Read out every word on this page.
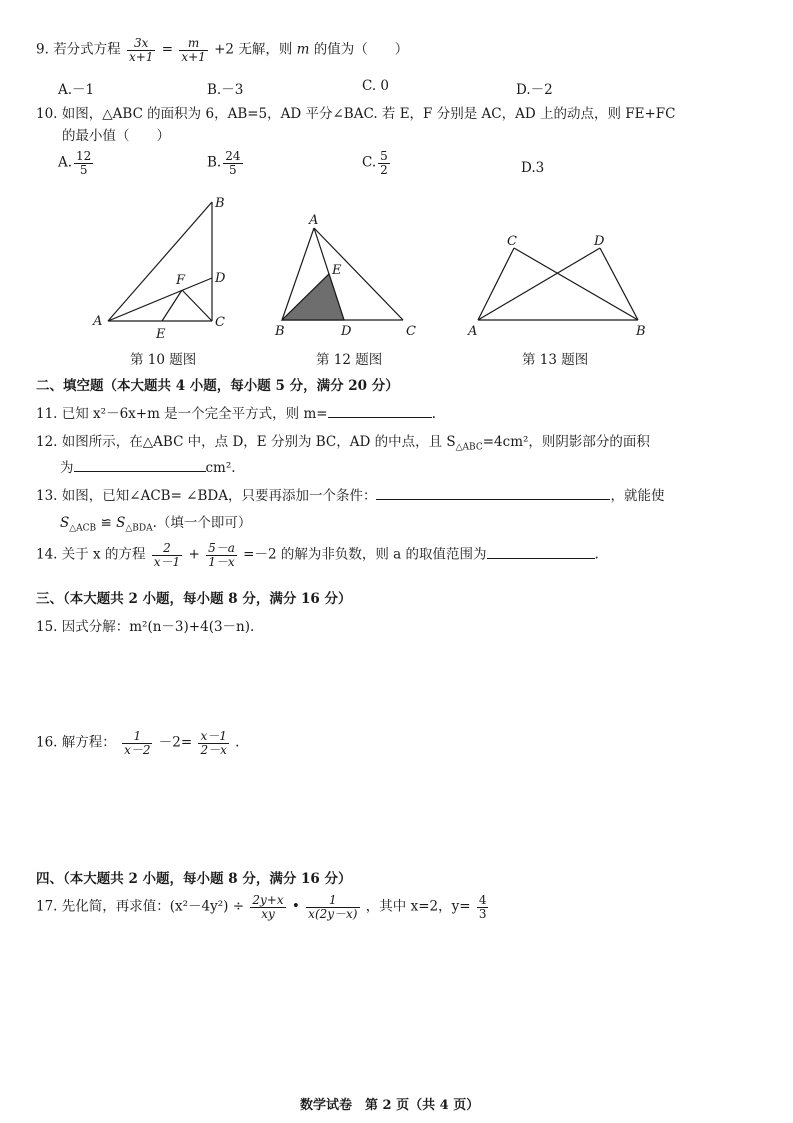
9. 若分式方程 $\frac{3x}{x+1} = \frac{m}{x+1} +2$ 无解，则 m 的值为（　　）
A.－1	B.－3	C. 0	D.－2
10. 如图，△ABC 的面积为 6，AB=5，AD 平分∠BAC. 若 E，F 分别是 AC，AD 上的动点，则 FE+FC
的最小值（　　）
A. $\frac{12}{5}$	B. $\frac{24}{5}$	C. $\frac{5}{2}$	D.3
A
B
C
D
E
F
A
B	C
D
E
A	B
C	D
第 10 题图	第 12 题图	第 13 题图
二、填空题（本大题共 4 小题，每小题 5 分，满分 20 分）
11. 已知 x²－6x+m 是一个完全平方式，则 m=	.
12. 如图所示，在△ABC 中，点 D，E 分别为 BC，AD 的中点，且 $S_{\triangle ABC}=4cm^2$，则阴影部分的面积
为	cm².
13. 如图，已知∠ACB= ∠BDA，只要再添加一个条件：	，就能使
$S_{\triangle ACB}$ ≌ $S_{\triangle BDA}$.（填一个即可）
14. 关于 x 的方程 $\frac{2}{x-1} + \frac{5-a}{1-x} =-2$ 的解为非负数，则 a 的取值范围为	.
三、（本大题共 2 小题，每小题 8 分，满分 16 分）
15. 因式分解：m²(n－3)+4(3－n).
16. 解方程： $\frac{1}{x-2} -2= \frac{x-1}{2-x}$ .
四、（本大题共 2 小题，每小题 8 分，满分 16 分）
17. 先化简，再求值：$(x^2-4y^2) \div \frac{2y+x}{xy}$ • $\frac{1}{x(2y-x)}$ ，其中 x=2，$y= \frac{4}{3}$
数学试卷　第 2 页（共 4 页）
